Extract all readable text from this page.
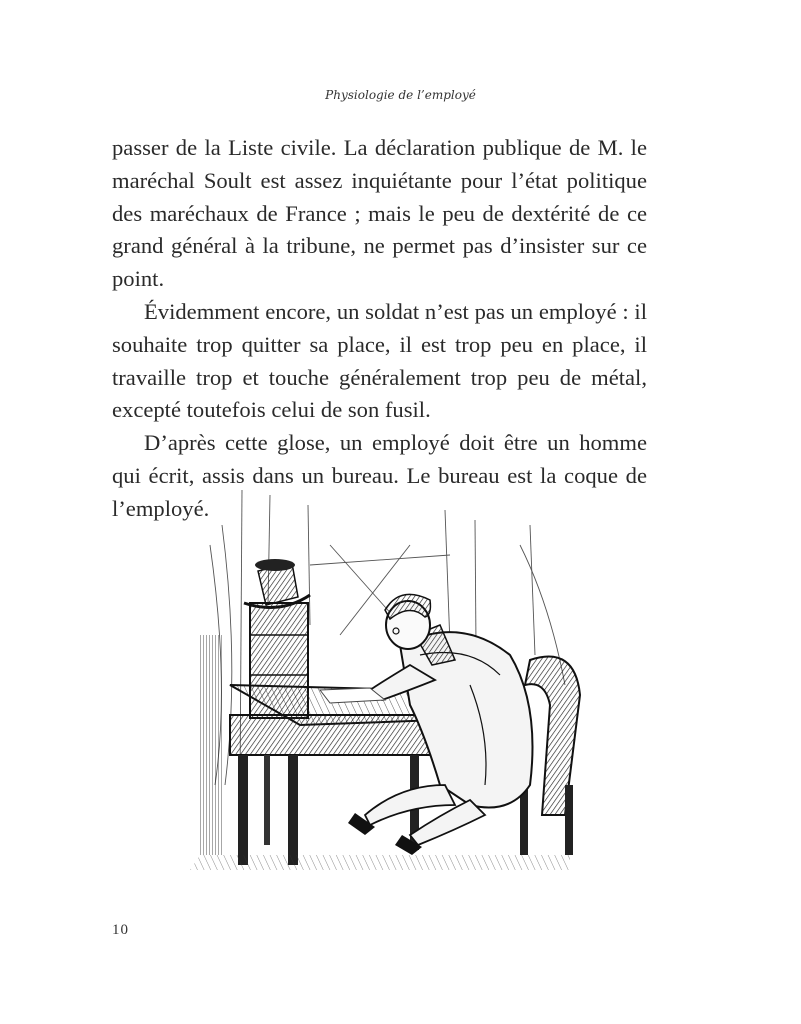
Physiologie de l’employé

passer de la Liste civile. La déclaration publique de M. le maréchal Soult est assez inquiétante pour l’état politique des maréchaux de France ; mais le peu de dextérité de ce grand général à la tribune, ne permet pas d’insister sur ce point.

Évidemment encore, un soldat n’est pas un employé : il souhaite trop quitter sa place, il est trop peu en place, il travaille trop et touche généralement trop peu de métal, excepté toutefois celui de son fusil.

D’après cette glose, un employé doit être un homme qui écrit, assis dans un bureau. Le bureau est la coque de l’employé.

10
